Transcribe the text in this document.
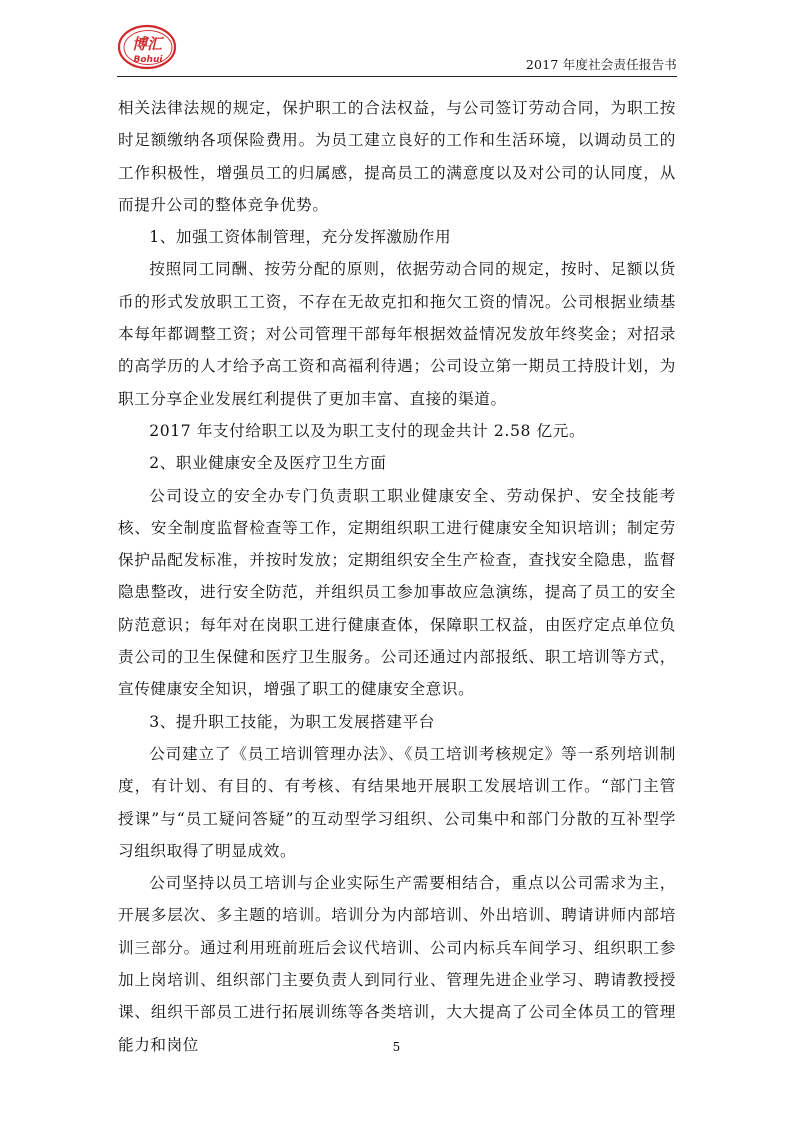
博汇
Bohui	2017 年度社会责任报告书

相关法律法规的规定，保护职工的合法权益，与公司签订劳动合同，为职工按时足额缴纳各项保险费用。为员工建立良好的工作和生活环境，以调动员工的工作积极性，增强员工的归属感，提高员工的满意度以及对公司的认同度，从而提升公司的整体竞争优势。

1、加强工资体制管理，充分发挥激励作用

按照同工同酬、按劳分配的原则，依据劳动合同的规定，按时、足额以货币的形式发放职工工资，不存在无故克扣和拖欠工资的情况。公司根据业绩基本每年都调整工资；对公司管理干部每年根据效益情况发放年终奖金；对招录的高学历的人才给予高工资和高福利待遇；公司设立第一期员工持股计划，为职工分享企业发展红利提供了更加丰富、直接的渠道。

2017 年支付给职工以及为职工支付的现金共计 2.58 亿元。

2、职业健康安全及医疗卫生方面

公司设立的安全办专门负责职工职业健康安全、劳动保护、安全技能考核、安全制度监督检查等工作，定期组织职工进行健康安全知识培训；制定劳保护品配发标准，并按时发放；定期组织安全生产检查，查找安全隐患，监督隐患整改，进行安全防范，并组织员工参加事故应急演练，提高了员工的安全防范意识；每年对在岗职工进行健康查体，保障职工权益，由医疗定点单位负责公司的卫生保健和医疗卫生服务。公司还通过内部报纸、职工培训等方式，宣传健康安全知识，增强了职工的健康安全意识。

3、提升职工技能，为职工发展搭建平台

公司建立了《员工培训管理办法》、《员工培训考核规定》等一系列培训制度，有计划、有目的、有考核、有结果地开展职工发展培训工作。“部门主管授课”与“员工疑问答疑”的互动型学习组织、公司集中和部门分散的互补型学习组织取得了明显成效。

公司坚持以员工培训与企业实际生产需要相结合，重点以公司需求为主，开展多层次、多主题的培训。培训分为内部培训、外出培训、聘请讲师内部培训三部分。通过利用班前班后会议代培训、公司内标兵车间学习、组织职工参加上岗培训、组织部门主要负责人到同行业、管理先进企业学习、聘请教授授课、组织干部员工进行拓展训练等各类培训，大大提高了公司全体员工的管理能力和岗位	5
